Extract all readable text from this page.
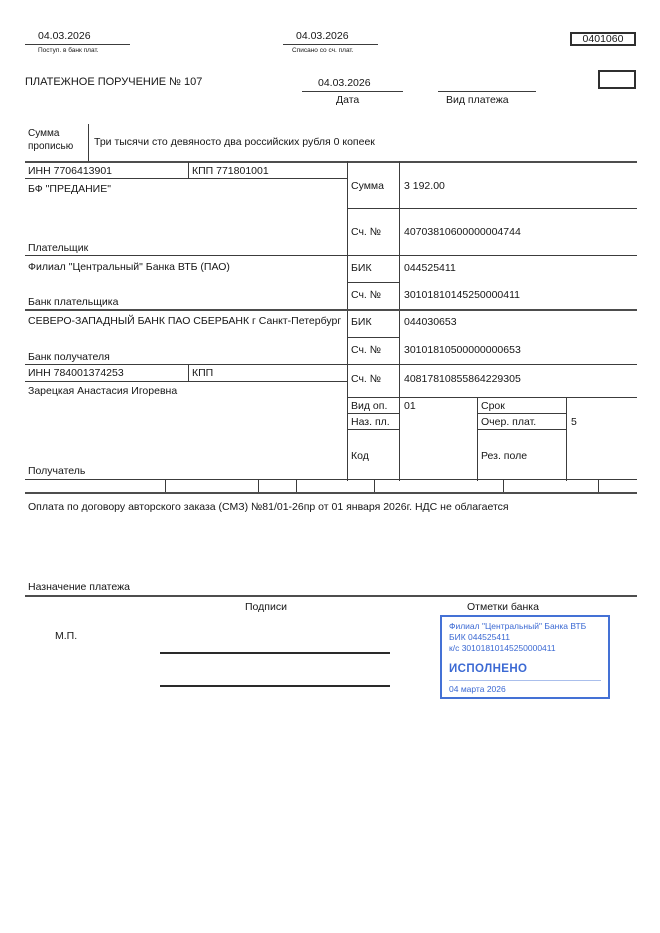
04.03.2026
Поступ. в банк плат.
04.03.2026
Списано со сч. плат.
0401060
ПЛАТЕЖНОЕ ПОРУЧЕНИЕ № 107	04.03.2026
Дата	Вид платежа
Сумма прописью	Три тысячи сто девяносто два российских рубля 0 копеек
ИНН 7706413901	КПП 771801001
БФ "ПРЕДАНИЕ"
Плательщик
Сумма 3 192.00
Сч. № 40703810600000004744
Филиал "Центральный" Банка ВТБ (ПАО)
Банк плательщика
БИК	044525411
Сч. № 30101810145250000411
СЕВЕРО-ЗАПАДНЫЙ БАНК ПАО СБЕРБАНК г Санкт-Петербург
Банк получателя
БИК	044030653
Сч. № 30101810500000000653
ИНН 784001374253	КПП
Зарецкая Анастасия Игоревна
Получатель
Сч. № 40817810855864229305
Вид оп. 01	Срок
Наз. пл.	Очер. плат.	5
Код	Рез. поле
Оплата по договору авторского заказа (СМЗ) №81/01-26пр от 01 января 2026г. НДС не облагается
Назначение платежа
Подписи	Отметки банка
М.П.
Филиал "Центральный" Банка ВТБ
БИК 044525411
к/с 30101810145250000411
ИСПОЛНЕНО
04 марта 2026
